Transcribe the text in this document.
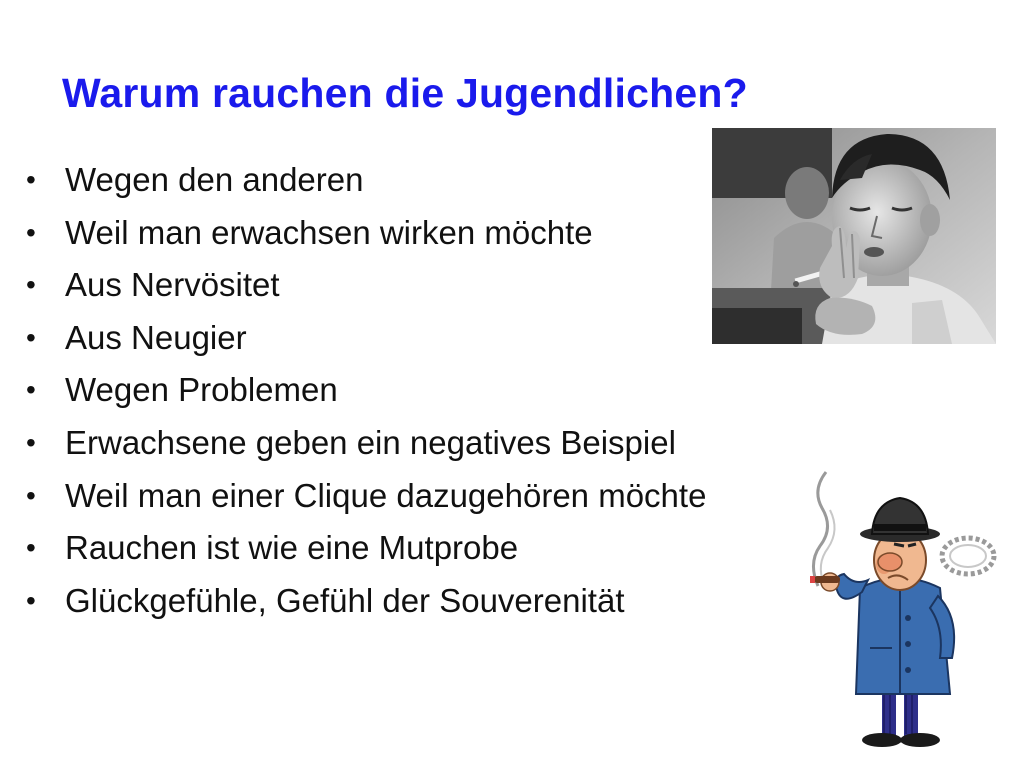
Warum rauchen die Jugendlichen?
• Wegen den anderen
• Weil man erwachsen wirken möchte
• Aus Nervösitet
• Aus Neugier
• Wegen Problemen
• Erwachsene geben ein negatives Beispiel
• Weil man einer Clique dazugehören möchte
• Rauchen ist wie eine Mutprobe
• Glückgefühle, Gefühl der Souverenität
